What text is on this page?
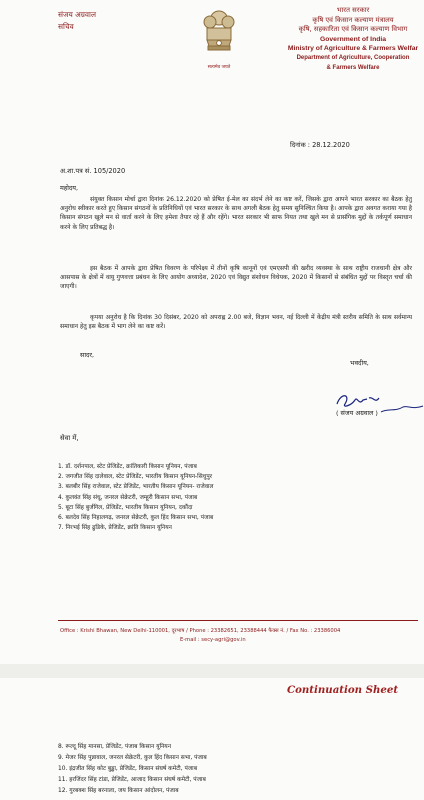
संजय अग्रवाल
सचिव
सत्यमेव जयते
भारत सरकार
कृषि एवं किसान कल्याण मंत्रालय
कृषि, सहकारिता एवं किसान कल्याण विभाग
Government of India
Ministry of Agriculture & Farmers Welfar
Department of Agriculture, Cooperation
& Farmers Welfare
दिनांक : 28.12.2020
अ.शा.पत्र सं. 105/2020
महोदय,

संयुक्त किसान मोर्चा द्वारा दिनांक 26.12.2020 को प्रेषित ई-मेल का संदर्भ लेने का कष्ट करें, जिसके द्वारा आपने भारत सरकार का बैठक हेतु अनुरोध स्वीकार करते हुए किसान संगठनों के प्रतिनिधियों एवं भारत सरकार के साथ अगली बैठक हेतु समय सुनिश्चित किया है। आपके द्वारा अवगत कराया गया है किसान संगठन खुले मन से वार्ता करने के लिए हमेशा तैयार रहे हैं और रहेंगे। भारत सरकार भी साफ नियत तथा खुले मन से प्रासंगिक मुद्दों के तर्कपूर्ण समाधान करने के लिए प्रतिबद्ध है।

इस बैठक में आपके द्वारा प्रेषित विवरण के परिपेक्ष्य में तीनों कृषि कानूनों एवं एमएसपी की खरीद व्यवस्था के साथ राष्ट्रीय राजधानी क्षेत्र और आसपास के क्षेत्रों में वायु गुणवत्ता प्रबंधन के लिए आयोग अध्यादेश, 2020 एवं विद्युत संशोधन विधेयक, 2020 में किसानों से संबंधित मुद्दों पर विस्तृत चर्चा की जाएगी।

कृपया अनुरोध है कि दिनांक 30 दिसंबर, 2020 को अपराह्न 2.00 बजे, विज्ञान भवन, नई दिल्ली में केंद्रीय मंत्री स्तरीय समिति के साथ सर्वमान्य समाधान हेतु इस बैठक में भाग लेने का कष्ट करें।

सादर,
भवदीय,
( संजय अग्रवाल )
सेवा में,
1. डॉ. दर्शनपाल, स्टेट प्रेजिडेंट, क्रांतिकारी किसान यूनियन, पंजाब
2. जगजीत सिंह दालेवाल, स्टेट प्रेजिडेंट, भारतीय किसान यूनियन-सिधुपुर
3. बलबीर सिंह राजेवाल, स्टेट प्रेजिडेंट, भारतीय किसान यूनियन- राजेवाल
4. कुलवंत सिंह संधू, जनरल सेक्रेटरी, जम्हूरी किसान सभा, पंजाब
5. बूटा सिंह बुर्जगिल, प्रेजिडेंट, भारतीय किसान यूनियन, दकौंदा
6. बलदेव सिंह निहालगढ़, जनरल सेक्रेटरी, कुल हिंद किसान सभा, पंजाब
7. निरभई सिंह ढुडिके, प्रेजिडेंट, क्रांति किसान यूनियन
Office : Krishi Bhawan, New Delhi-110001, दूरभाष / Phone : 23382651, 23388444 फैक्स नं. / Fax No. : 23386004
E-mail : secy-agri@gov.in
Continuation Sheet
8. रूल्दू सिंह मानसा, प्रेजिडेंट, पंजाब किसान यूनियन
9. मेजर सिंह पुन्नावाल, जनरल सेक्रेटरी, कुल हिंद किसान सभा, पंजाब
10. इंद्रजीत सिंह कोट बुड्ढा, प्रेजिडेंट, किसान संघर्ष कमेटी, पंजाब
11. हरजिंदर सिंह टांडा, प्रेजिडेंट, आजाद किसान संघर्ष कमेटी, पंजाब
12. गुरबक्श सिंह बरनाला, जय किसान आंदोलन, पंजाब
